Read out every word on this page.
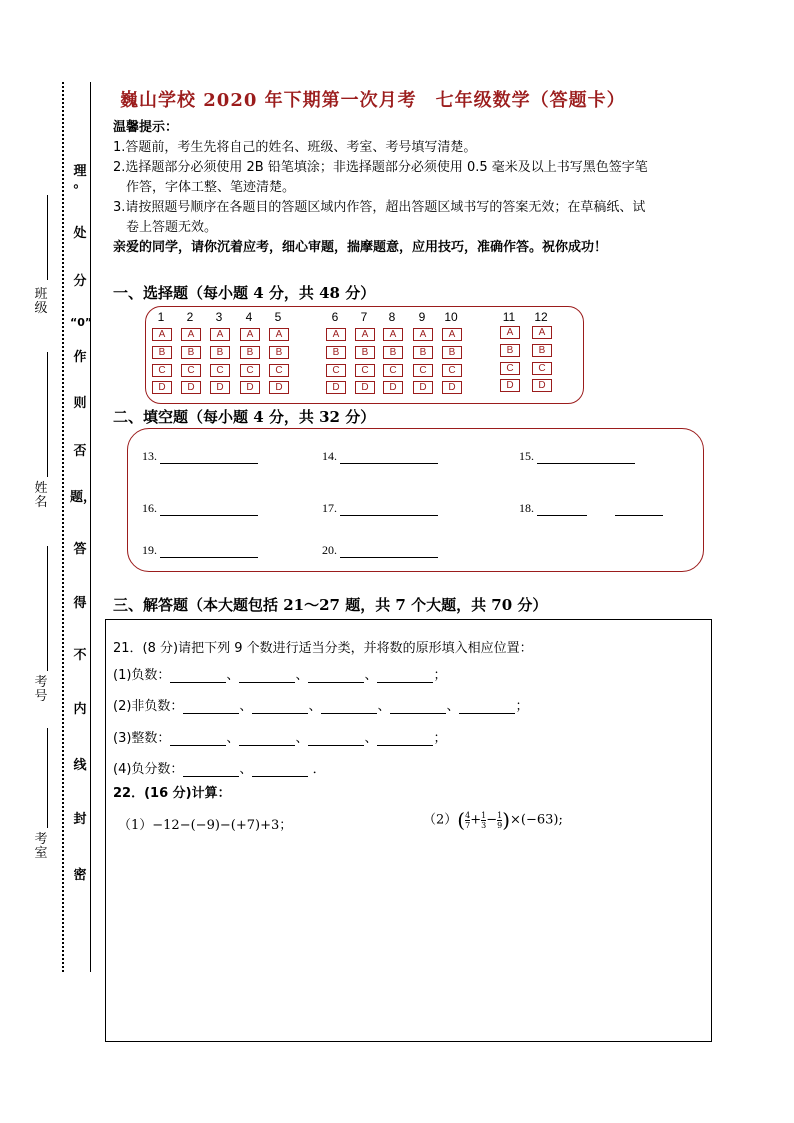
班级
姓名
考号
考室
理
。
处
分
“0”
作
则
否
题，
答
得
不
内
线
封
密
巍山学校 2020 年下期第一次月考　七年级数学（答题卡）
温馨提示：
1.答题前，考生先将自己的姓名、班级、考室、考号填写清楚。
2.选择题部分必须使用 2B 铅笔填涂；非选择题部分必须使用 0.5 毫米及以上书写黑色签字笔
作答，字体工整、笔迹清楚。
3.请按照题号顺序在各题目的答题区域内作答，超出答题区域书写的答案无效；在草稿纸、试
卷上答题无效。
亲爱的同学，请你沉着应考，细心审题，揣摩题意，应用技巧，准确作答。祝你成功！
一、选择题（每小题 4 分，共 48 分）
1
A
B
C
D
2
A
B
C
D
3
A
B
C
D
4
A
B
C
D
5
A
B
C
D
6
A
B
C
D
7
A
B
C
D
8
A
B
C
D
9
A
B
C
D
10
A
B
C
D
11
A
B
C
D
12
A
B
C
D
二、填空题（每小题 4 分，共 32 分）
13.	14.	15.
16.	17.	18.
19.	20.
三、解答题（本大题包括 21～27 题，共 7 个大题，共 70 分）
21．(8 分)请把下列 9 个数进行适当分类，并将数的原形填入相应位置：
(1)负数：	、	、	、	；
(2)非负数：	、	、	、	、	；
(3)整数：	、	、	、	；
(4)负分数：	、	．
22．(16 分)计算：
（1）−12−(−9)−(+7)+3；	$(2)( \frac{4}{7} + \frac{1}{3} - \frac{1}{9} )\times(-63)$;
